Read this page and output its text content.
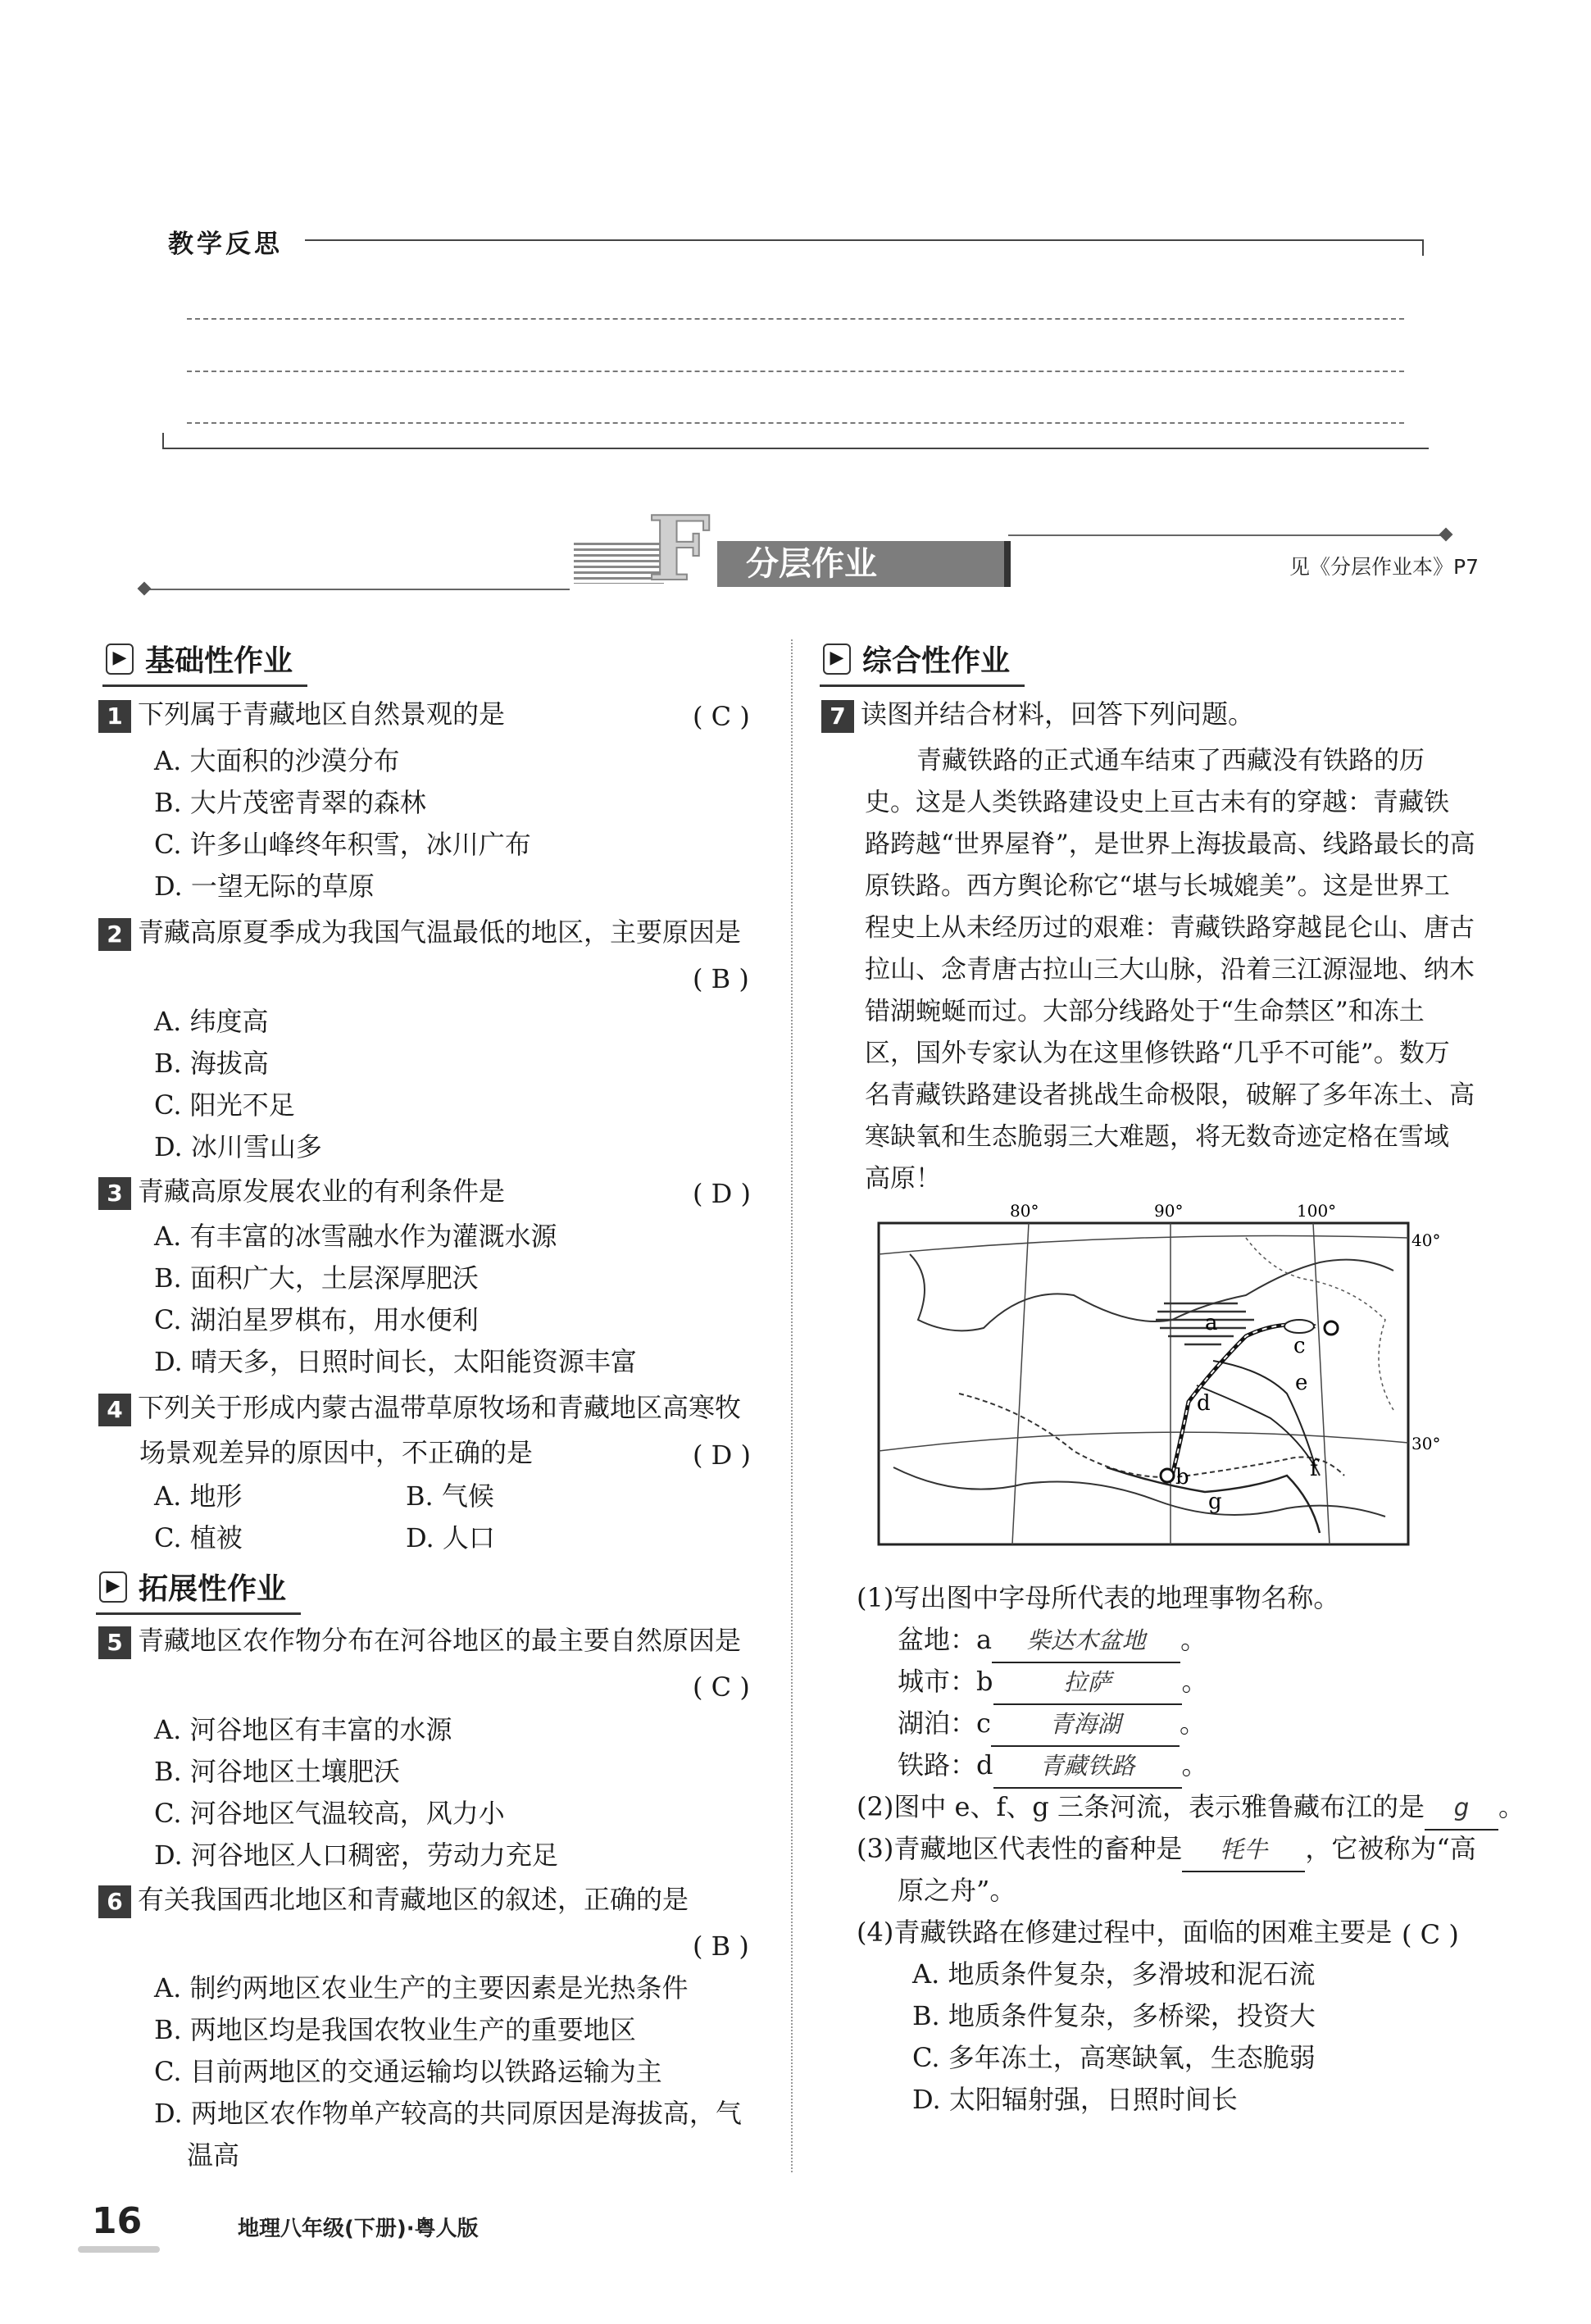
教学反思
F 分层作业	见《分层作业本》P7
▶ 基础性作业
1 下列属于青藏地区自然景观的是	( C )
A. 大面积的沙漠分布
B. 大片茂密青翠的森林
C. 许多山峰终年积雪，冰川广布
D. 一望无际的草原
2 青藏高原夏季成为我国气温最低的地区，主要原因是
( B )
A. 纬度高
B. 海拔高
C. 阳光不足
D. 冰川雪山多
3 青藏高原发展农业的有利条件是	( D )
A. 有丰富的冰雪融水作为灌溉水源
B. 面积广大，土层深厚肥沃
C. 湖泊星罗棋布，用水便利
D. 晴天多，日照时间长，太阳能资源丰富
4 下列关于形成内蒙古温带草原牧场和青藏地区高寒牧
场景观差异的原因中，不正确的是	( D )
A. 地形	B. 气候
C. 植被	D. 人口
▶ 拓展性作业
5 青藏地区农作物分布在河谷地区的最主要自然原因是
( C )
A. 河谷地区有丰富的水源
B. 河谷地区土壤肥沃
C. 河谷地区气温较高，风力小
D. 河谷地区人口稠密，劳动力充足
6 有关我国西北地区和青藏地区的叙述，正确的是
( B )
A. 制约两地区农业生产的主要因素是光热条件
B. 两地区均是我国农牧业生产的重要地区
C. 目前两地区的交通运输均以铁路运输为主
D. 两地区农作物单产较高的共同原因是海拔高，气
温高
▶ 综合性作业
7 读图并结合材料，回答下列问题。
青藏铁路的正式通车结束了西藏没有铁路的历
史。这是人类铁路建设史上亘古未有的穿越：青藏铁
路跨越“世界屋脊”，是世界上海拔最高、线路最长的高
原铁路。西方舆论称它“堪与长城媲美”。这是世界工
程史上从未经历过的艰难：青藏铁路穿越昆仑山、唐古
拉山、念青唐古拉山三大山脉，沿着三江源湿地、纳木
错湖蜿蜒而过。大部分线路处于“生命禁区”和冻土
区，国外专家认为在这里修铁路“几乎不可能”。数万
名青藏铁路建设者挑战生命极限，破解了多年冻土、高
寒缺氧和生态脆弱三大难题，将无数奇迹定格在雪域
高原！
80°	90°	100°
40°
30°
a
b
c
d
e
f
g
(1)写出图中字母所代表的地理事物名称。
盆地：a 柴达木盆地 。
城市：b	拉萨	。
湖泊：c 青海湖 。
铁路：d 青藏铁路 。
(2)图中 e、f、g 三条河流，表示雅鲁藏布江的是 g 。
(3)青藏地区代表性的畜种是 牦牛 ，它被称为“高
原之舟”。
(4)青藏铁路在修建过程中，面临的困难主要是 ( C )
A. 地质条件复杂，多滑坡和泥石流
B. 地质条件复杂，多桥梁，投资大
C. 多年冻土，高寒缺氧，生态脆弱
D. 太阳辐射强，日照时间长
16	地理八年级(下册)·粤人版
